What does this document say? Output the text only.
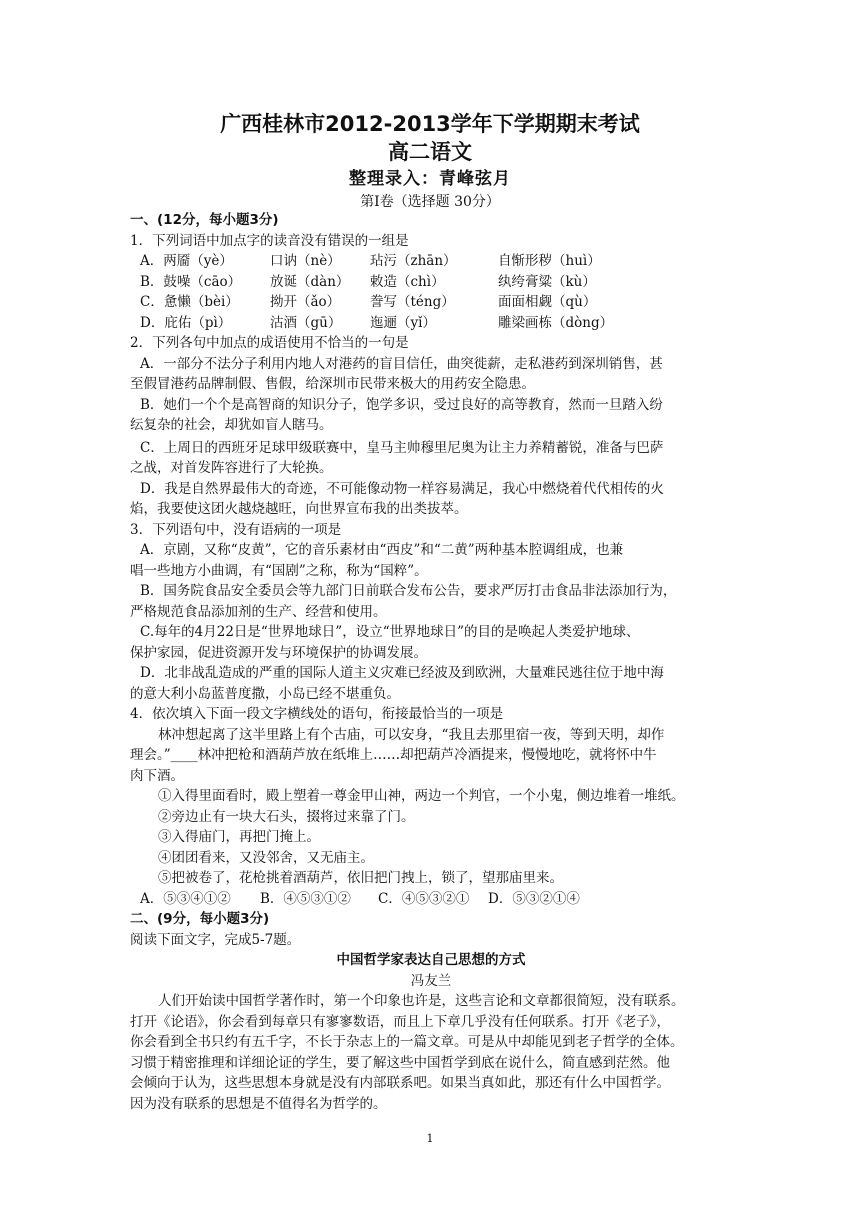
广西桂林市2012-2013学年下学期期末考试
高二语文
整理录入：青峰弦月
第Ⅰ卷（选择题 30分）
一、(12分，每小题3分)
1．下列词语中加点字的读音没有错误的一组是
A．两靥（yè）	口讷（nè）	玷污（zhān）	自惭形秽（huì）
B．鼓噪（cāo）	放诞（dàn）	敕造（chì）	纨绔膏粱（kù）
C．惫懒（bèi）	拗开（ǎo）	誊写（téng）	面面相觑（qù）
D．庇佑（pì）	沽酒（gū）	迤逦（yǐ）	雕梁画栋（dòng）
2．下列各句中加点的成语使用不恰当的一句是
A．一部分不法分子利用内地人对港药的盲目信任，曲突徙薪，走私港药到深圳销售，甚
至假冒港药品牌制假、售假，给深圳市民带来极大的用药安全隐患。
B．她们一个个是高智商的知识分子，饱学多识，受过良好的高等教育，然而一旦踏入纷
纭复杂的社会，却犹如盲人瞎马。
C．上周日的西班牙足球甲级联赛中，皇马主帅穆里尼奥为让主力养精蓄锐，准备与巴萨
之战，对首发阵容进行了大轮换。
D．我是自然界最伟大的奇迹，不可能像动物一样容易满足，我心中燃烧着代代相传的火
焰，我要使这团火越烧越旺，向世界宣布我的出类拔萃。
3．下列语句中，没有语病的一项是
A．京剧，又称“皮黄”，它的音乐素材由“西皮”和“二黄”两种基本腔调组成，也兼
唱一些地方小曲调，有“国剧”之称，称为“国粹”。
B．国务院食品安全委员会等九部门日前联合发布公告，要求严厉打击食品非法添加行为，
严格规范食品添加剂的生产、经营和使用。
C.每年的4月22日是“世界地球日”，设立“世界地球日”的目的是唤起人类爱护地球、
保护家园，促进资源开发与环境保护的协调发展。
D．北非战乱造成的严重的国际人道主义灾难已经波及到欧洲，大量难民逃往位于地中海
的意大利小岛蓝普度撒，小岛已经不堪重负。
4．依次填入下面一段文字横线处的语句，衔接最恰当的一项是
林冲想起离了这半里路上有个古庙，可以安身，“我且去那里宿一夜，等到天明，却作
理会。”____林冲把枪和酒葫芦放在纸堆上……却把葫芦冷酒提来，慢慢地吃，就将怀中牛
肉下酒。
①入得里面看时，殿上塑着一尊金甲山神，两边一个判官，一个小鬼，侧边堆着一堆纸。
②旁边止有一块大石头，掇将过来靠了门。
③入得庙门，再把门掩上。
④团团看来，又没邻舍，又无庙主。
⑤把被卷了，花枪挑着酒葫芦，依旧把门拽上，锁了，望那庙里来。
A．⑤③④①② B．④⑤③①② C．④⑤③②① D．⑤③②①④
二、(9分，每小题3分)
阅读下面文字，完成5-7题。
中国哲学家表达自己思想的方式
冯友兰
人们开始读中国哲学著作时，第一个印象也许是，这些言论和文章都很简短，没有联系。
打开《论语》，你会看到每章只有寥寥数语，而且上下章几乎没有任何联系。打开《老子》，
你会看到全书只约有五千字，不长于杂志上的一篇文章。可是从中却能见到老子哲学的全体。
习惯于精密推理和详细论证的学生，要了解这些中国哲学到底在说什么，简直感到茫然。他
会倾向于认为，这些思想本身就是没有内部联系吧。如果当真如此，那还有什么中国哲学。
因为没有联系的思想是不值得名为哲学的。
1
